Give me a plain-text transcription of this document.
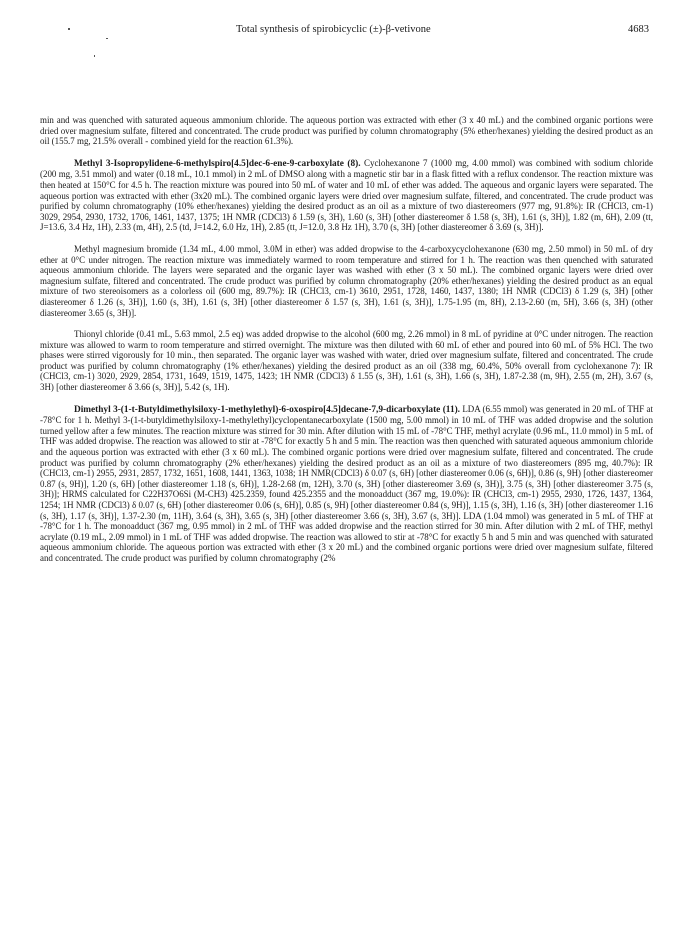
Total synthesis of spirobicyclic (±)-β-vetivone	4683

min and was quenched with saturated aqueous ammonium chloride. The aqueous portion was extracted with ether (3 x 40 mL) and the combined organic portions were dried over magnesium sulfate, filtered and concentrated. The crude product was purified by column chromatography (5% ether/hexanes) yielding the desired product as an oil (155.7 mg, 21.5% overall - combined yield for the reaction 61.3%).

Methyl 3-Isopropylidene-6-methylspiro[4.5]dec-6-ene-9-carboxylate (8). Cyclohexanone 7 (1000 mg, 4.00 mmol) was combined with sodium chloride (200 mg, 3.51 mmol) and water (0.18 mL, 10.1 mmol) in 2 mL of DMSO along with a magnetic stir bar in a flask fitted with a reflux condensor. The reaction mixture was then heated at 150°C for 4.5 h. The reaction mixture was poured into 50 mL of water and 10 mL of ether was added. The aqueous and organic layers were separated. The aqueous portion was extracted with ether (3x20 mL). The combined organic layers were dried over magnesium sulfate, filtered, and concentrated. The crude product was purified by column chromatography (10% ether/hexanes) yielding the desired product as an oil as a mixture of two diastereomers (977 mg, 91.8%): IR (CHCl3, cm-1) 3029, 2954, 2930, 1732, 1706, 1461, 1437, 1375; 1H NMR (CDCl3) δ 1.59 (s, 3H), 1.60 (s, 3H) [other diastereomer δ 1.58 (s, 3H), 1.61 (s, 3H)], 1.82 (m, 6H), 2.09 (tt, J=13.6, 3.4 Hz, 1H), 2.33 (m, 4H), 2.5 (td, J=14.2, 6.0 Hz, 1H), 2.85 (tt, J=12.0, 3.8 Hz 1H), 3.70 (s, 3H) [other diastereomer δ 3.69 (s, 3H)].

Methyl magnesium bromide (1.34 mL, 4.00 mmol, 3.0M in ether) was added dropwise to the 4-carboxycyclohexanone (630 mg, 2.50 mmol) in 50 mL of dry ether at 0°C under nitrogen. The reaction mixture was immediately warmed to room temperature and stirred for 1 h. The reaction was then quenched with saturated aqueous ammonium chloride. The layers were separated and the organic layer was washed with ether (3 x 50 mL). The combined organic layers were dried over magnesium sulfate, filtered and concentrated. The crude product was purified by column chromatography (20% ether/hexanes) yielding the desired product as an equal mixture of two stereoisomers as a colorless oil (600 mg, 89.7%): IR (CHCl3, cm-1) 3610, 2951, 1728, 1460, 1437, 1380; 1H NMR (CDCl3) δ 1.29 (s, 3H) [other diastereomer δ 1.26 (s, 3H)], 1.60 (s, 3H), 1.61 (s, 3H) [other diastereomer δ 1.57 (s, 3H), 1.61 (s, 3H)], 1.75-1.95 (m, 8H), 2.13-2.60 (m, 5H), 3.66 (s, 3H) (other diastereomer 3.65 (s, 3H)].

Thionyl chloride (0.41 mL, 5.63 mmol, 2.5 eq) was added dropwise to the alcohol (600 mg, 2.26 mmol) in 8 mL of pyridine at 0°C under nitrogen. The reaction mixture was allowed to warm to room temperature and stirred overnight. The mixture was then diluted with 60 mL of ether and poured into 60 mL of 5% HCl. The two phases were stirred vigorously for 10 min., then separated. The organic layer was washed with water, dried over magnesium sulfate, filtered and concentrated. The crude product was purified by column chromatography (1% ether/hexanes) yielding the desired product as an oil (338 mg, 60.4%, 50% overall from cyclohexanone 7): IR (CHCl3, cm-1) 3020, 2929, 2854, 1731, 1649, 1519, 1475, 1423; 1H NMR (CDCl3) δ 1.55 (s, 3H), 1.61 (s, 3H), 1.66 (s, 3H), 1.87-2.38 (m, 9H), 2.55 (m, 2H), 3.67 (s, 3H) [other diastereomer δ 3.66 (s, 3H)], 5.42 (s, 1H).

Dimethyl 3-(1-t-Butyldimethylsiloxy-1-methylethyl)-6-oxospiro[4.5]decane-7,9-dicarboxylate (11). LDA (6.55 mmol) was generated in 20 mL of THF at -78°C for 1 h. Methyl 3-(1-t-butyldimethylsiloxy-1-methylethyl)cyclopentanecarboxylate (1500 mg, 5.00 mmol) in 10 mL of THF was added dropwise and the solution turned yellow after a few minutes. The reaction mixture was stirred for 30 min. After dilution with 15 mL of -78°C THF, methyl acrylate (0.96 mL, 11.0 mmol) in 5 mL of THF was added dropwise. The reaction was allowed to stir at -78°C for exactly 5 h and 5 min. The reaction was then quenched with saturated aqueous ammonium chloride and the aqueous portion was extracted with ether (3 x 60 mL). The combined organic portions were dried over magnesium sulfate, filtered and concentrated. The crude product was purified by column chromatography (2% ether/hexanes) yielding the desired product as an oil as a mixture of two diastereomers (895 mg, 40.7%): IR (CHCl3, cm-1) 2955, 2931, 2857, 1732, 1651, 1608, 1441, 1363, 1038; 1H NMR(CDCl3) δ 0.07 (s, 6H) [other diastereomer 0.06 (s, 6H)], 0.86 (s, 9H) [other diastereomer 0.87 (s, 9H)], 1.20 (s, 6H) [other diastereomer 1.18 (s, 6H)], 1.28-2.68 (m, 12H), 3.70 (s, 3H) [other diastereomer 3.69 (s, 3H)], 3.75 (s, 3H) [other diastereomer 3.75 (s, 3H)]; HRMS calculated for C22H37O6Si (M-CH3) 425.2359, found 425.2355 and the monoadduct (367 mg, 19.0%): IR (CHCl3, cm-1) 2955, 2930, 1726, 1437, 1364, 1254; 1H NMR (CDCl3) δ 0.07 (s, 6H) [other diastereomer 0.06 (s, 6H)], 0.85 (s, 9H) [other diastereomer 0.84 (s, 9H)], 1.15 (s, 3H), 1.16 (s, 3H) [other diastereomer 1.16 (s, 3H), 1.17 (s, 3H)], 1.37-2.30 (m, 11H), 3.64 (s, 3H), 3.65 (s, 3H) [other diastereomer 3.66 (s, 3H), 3.67 (s, 3H)]. LDA (1.04 mmol) was generated in 5 mL of THF at -78°C for 1 h. The monoadduct (367 mg, 0.95 mmol) in 2 mL of THF was added dropwise and the reaction stirred for 30 min. After dilution with 2 mL of THF, methyl acrylate (0.19 mL, 2.09 mmol) in 1 mL of THF was added dropwise. The reaction was allowed to stir at -78°C for exactly 5 h and 5 min and was quenched with saturated aqueous ammonium chloride. The aqueous portion was extracted with ether (3 x 20 mL) and the combined organic portions were dried over magnesium sulfate, filtered and concentrated. The crude product was purified by column chromatography (2%
